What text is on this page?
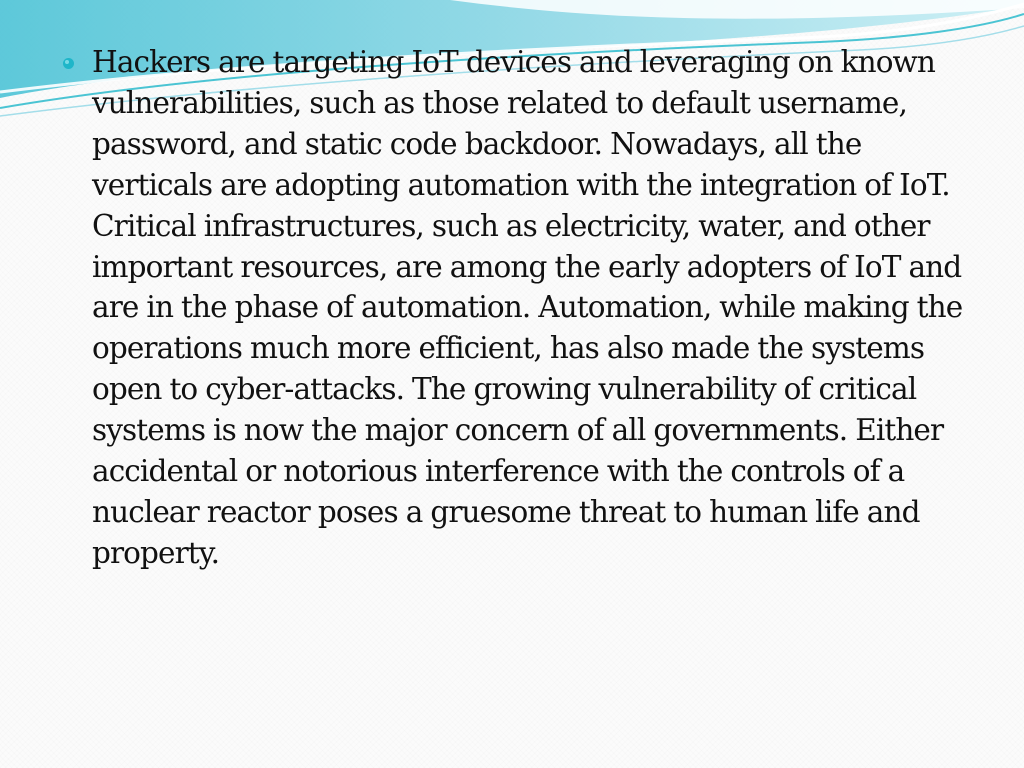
Hackers are targeting IoT devices and leveraging on known vulnerabilities, such as those related to default username, password, and static code backdoor. Nowadays, all the verticals are adopting automation with the integration of IoT. Critical infrastructures, such as electricity, water, and other important resources, are among the early adopters of IoT and are in the phase of automation. Automation, while making the operations much more efficient, has also made the systems open to cyber-attacks. The growing vulnerability of critical systems is now the major concern of all governments. Either accidental or notorious interference with the controls of a nuclear reactor poses a gruesome threat to human life and property.
